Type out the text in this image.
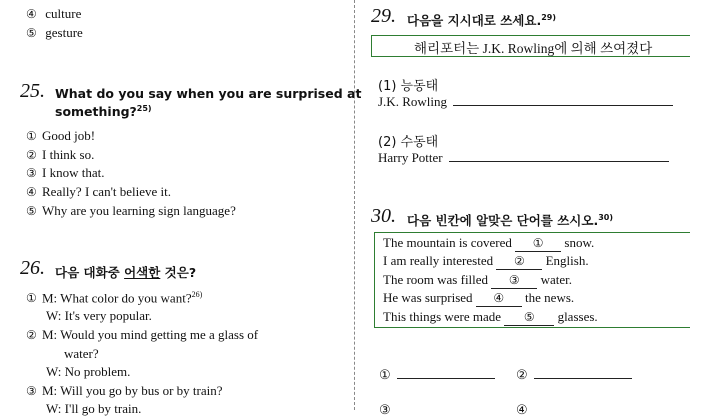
④ culture
⑤ gesture
25. What do you say when you are surprised at
something?$^{25)}$
① Good job!
② I think so.
③ I know that.
④ Really? I can't believe it.
⑤ Why are you learning sign language?
26. 다음 대화중 어색한 것은?
① M: What color do you want?$^{26)}$
W: It's very popular.
② M: Would you mind getting me a glass of
water?
W: No problem.
③ M: Will you go by bus or by train?
W: I'll go by train.
29. 다음을 지시대로 쓰세요.$^{29)}$
해리포터는 J.K. Rowling에 의해 쓰여졌다
(1) 능동태
J.K. Rowling
(2) 수동태
Harry Potter
30. 다음 빈칸에 알맞은 단어를 쓰시오.$^{30)}$
The mountain is covered ① snow.
I am really interested ② English.
The room was filled ③ water.
He was surprised ④ the news.
This things were made ⑤ glasses.
①	②
③	④
